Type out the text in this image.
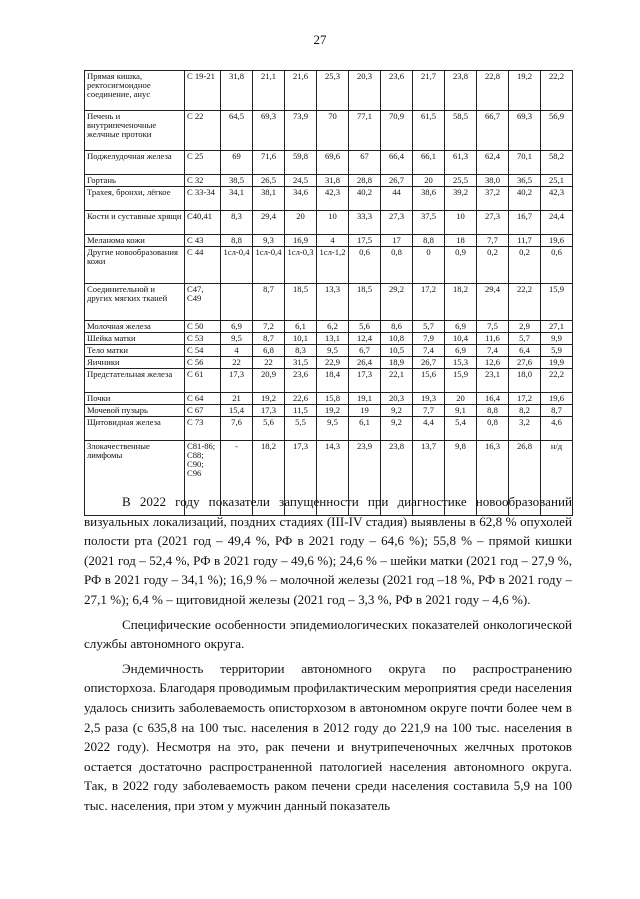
27
Прямая кишка, ректосигмоидное соединение, анус	С 19-21	31,8	21,1	21,6	25,3	20,3	23,6	21,7	23,8	22,8	19,2	22,2
Печень и внутрипеченочные желчные протоки	С 22	64,5	69,3	73,9	70	77,1	70,9	61,5	58,5	66,7	69,3	56,9
Поджелудочная железа	С 25	69	71,6	59,8	69,6	67	66,4	66,1	61,3	62,4	70,1	58,2
Гортань	С 32	38,5	26,5	24,5	31,8	28,8	26,7	20	25,5	38,0	36,5	25,1
Трахея, бронхи, лёгкое	С 33-34	34,1	38,1	34,6	42,3	40,2	44	38,6	39,2	37,2	40,2	42,3
Кости и суставные хрящи	С40,41	8,3	29,4	20	10	33,3	27,3	37,5	10	27,3	16,7	24,4
Меланома кожи	С 43	8,8	9,3	16,9	4	17,5	17	8,8	18	7,7	11,7	19,6
Другие новообразования кожи	С 44	1сл-0,4	1сл-0,4	1сл-0,3	1сл-1,2	0,6	0,8	0	0,9	0,2	0,2	0,6
Соединительной и других мягких тканей	С47, С49		8,7	18,5	13,3	18,5	29,2	17,2	18,2	29,4	22,2	15,9
Молочная железа	С 50	6,9	7,2	6,1	6,2	5,6	8,6	5,7	6,9	7,5	2,9	27,1
Шейка матки	С 53	9,5	8,7	10,1	13,1	12,4	10,8	7,9	10,4	11,6	5,7	9,9
Тело матки	С 54	4	6,8	8,3	9,5	6,7	10,5	7,4	6,9	7,4	6,4	5,9
Яичники	С 56	22	22	31,5	22,9	26,4	18,9	26,7	15,3	12,6	27,6	19,9
Предстательная железа	С 61	17,3	20,9	23,6	18,4	17,3	22,1	15,6	15,9	23,1	18,0	22,2
Почки	С 64	21	19,2	22,6	15,8	19,1	20,3	19,3	20	16,4	17,2	19,6
Мочевой пузырь	С 67	15,4	17,3	11,5	19,2	19	9,2	7,7	9,1	8,8	8,2	8,7
Щитовидная железа	С 73	7,6	5,6	5,5	9,5	6,1	9,2	4,4	5,4	0,8	3,2	4,6
Злокачественные лимфомы	С81-86; С88; С90; С96	-	18,2	17,3	14,3	23,9	23,8	13,7	9,8	16,3	26,8	н/д

В 2022 году показатели запущенности при диагностике новообразований визуальных локализаций, поздних стадиях (III-IV стадия) выявлены в 62,8 % опухолей полости рта (2021 год – 49,4 %, РФ в 2021 году – 64,6 %); 55,8 % – прямой кишки (2021 год – 52,4 %, РФ в 2021 году – 49,6 %); 24,6 % – шейки матки (2021 год – 27,9 %, РФ в 2021 году – 34,1 %); 16,9 % – молочной железы (2021 год –18 %, РФ в 2021 году – 27,1 %); 6,4 % – щитовидной железы (2021 год – 3,3 %, РФ в 2021 году – 4,6 %).

Специфические особенности эпидемиологических показателей онкологической службы автономного округа.

Эндемичность территории автономного округа по распространению описторхоза. Благодаря проводимым профилактическим мероприятия среди населения удалось снизить заболеваемость описторхозом в автономном округе почти более чем в 2,5 раза (с 635,8 на 100 тыс. населения в 2012 году до 221,9 на 100 тыс. населения в 2022 году). Несмотря на это, рак печени и внутрипеченочных желчных протоков остается достаточно распространенной патологией населения автономного округа. Так, в 2022 году заболеваемость раком печени среди населения составила 5,9 на 100 тыс. населения, при этом у мужчин данный показатель
